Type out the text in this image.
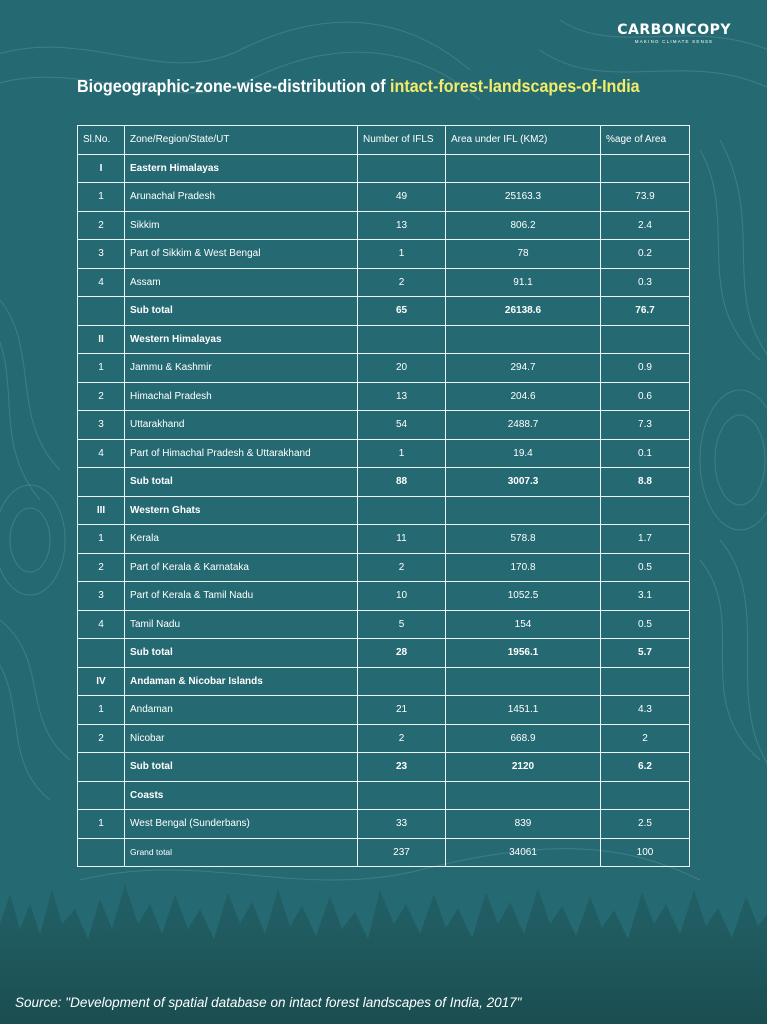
CARBONCOPY
MAKING CLIMATE SENSE
Biogeographic-zone-wise-distribution of intact-forest-landscapes-of-India
Sl.No.	Zone/Region/State/UT	Number of IFLS	Area under IFL (KM2)	%age of Area
I	Eastern Himalayas			
1	Arunachal Pradesh	49	25163.3	73.9
2	Sikkim	13	806.2	2.4
3	Part of Sikkim & West Bengal	1	78	0.2
4	Assam	2	91.1	0.3
	Sub total	65	26138.6	76.7
II	Western Himalayas			
1	Jammu & Kashmir	20	294.7	0.9
2	Himachal Pradesh	13	204.6	0.6
3	Uttarakhand	54	2488.7	7.3
4	Part of Himachal Pradesh & Uttarakhand	1	19.4	0.1
	Sub total	88	3007.3	8.8
III	Western Ghats			
1	Kerala	11	578.8	1.7
2	Part of Kerala & Karnataka	2	170.8	0.5
3	Part of Kerala & Tamil Nadu	10	1052.5	3.1
4	Tamil Nadu	5	154	0.5
	Sub total	28	1956.1	5.7
IV	Andaman & Nicobar Islands			
1	Andaman	21	1451.1	4.3
2	Nicobar	2	668.9	2
	Sub total	23	2120	6.2
	Coasts			
1	West Bengal (Sunderbans)	33	839	2.5
	Grand total	237	34061	100
Source: "Development of spatial database on intact forest landscapes of India, 2017"
